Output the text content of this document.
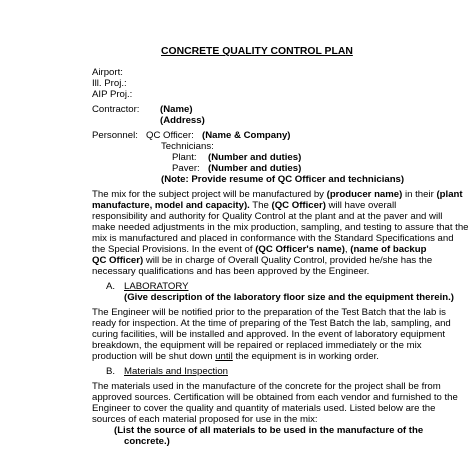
CONCRETE QUALITY CONTROL PLAN
Airport:
Ill. Proj.:
AIP Proj.:
Contractor: (Name)
(Address)
Personnel: QC Officer: (Name & Company)
Technicians:
Plant: (Number and duties)
Paver: (Number and duties)
(Note: Provide resume of QC Officer and technicians)
The mix for the subject project will be manufactured by (producer name) in their (plant
manufacture, model and capacity). The (QC Officer) will have overall
responsibility and authority for Quality Control at the plant and at the paver and will
make needed adjustments in the mix production, sampling, and testing to assure that the
mix is manufactured and placed in conformance with the Standard Specifications and
the Special Provisions. In the event of (QC Officer's name), (name of backup
QC Officer) will be in charge of Overall Quality Control, provided he/she has the
necessary qualifications and has been approved by the Engineer.
A. LABORATORY
(Give description of the laboratory floor size and the equipment therein.)
The Engineer will be notified prior to the preparation of the Test Batch that the lab is
ready for inspection. At the time of preparing of the Test Batch the lab, sampling, and
curing facilities, will be installed and approved. In the event of laboratory equipment
breakdown, the equipment will be repaired or replaced immediately or the mix
production will be shut down until the equipment is in working order.
B. Materials and Inspection
The materials used in the manufacture of the concrete for the project shall be from
approved sources. Certification will be obtained from each vendor and furnished to the
Engineer to cover the quality and quantity of materials used. Listed below are the
sources of each material proposed for use in the mix:
(List the source of all materials to be used in the manufacture of the
concrete.)
